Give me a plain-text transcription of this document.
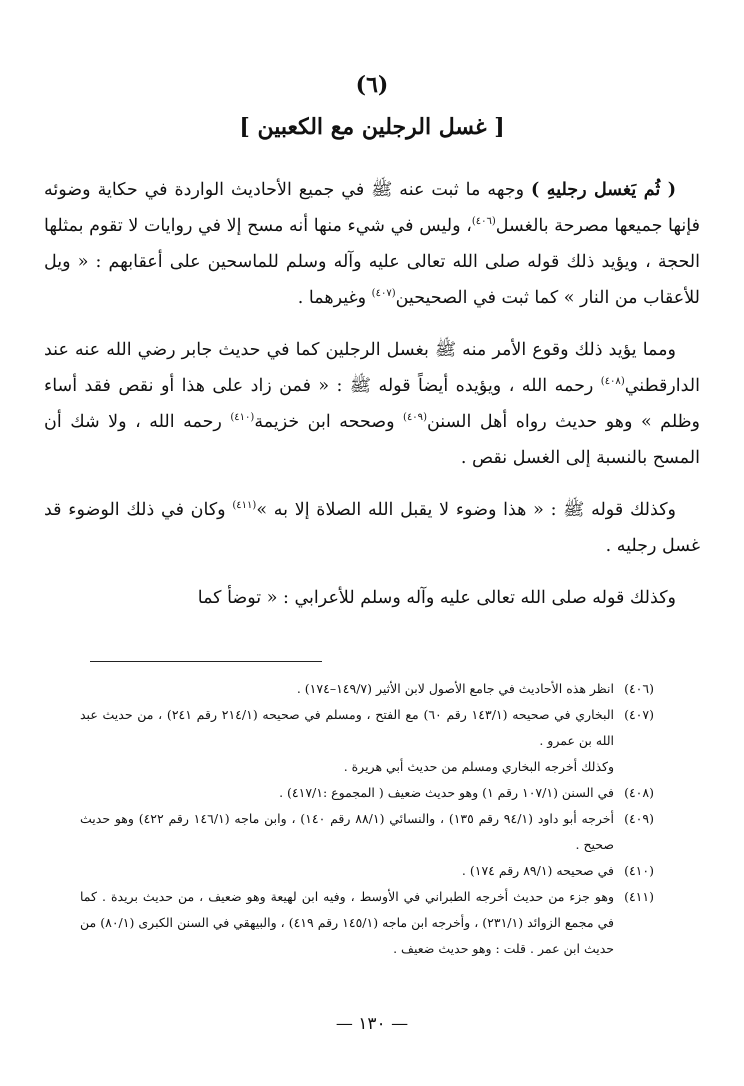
(٦)
[ غسل الرجلين مع الكعبين ]

( ثُم يَغسل رجليهِ ) وجهه ما ثبت عنه ﷺ في جميع الأحاديث الواردة في حكاية وضوئه فإنها جميعها مصرحة بالغسل$^{(٤٠٦)}$، وليس في شيء منها أنه مسح إلا في روايات لا تقوم بمثلها الحجة ، ويؤيد ذلك قوله صلى الله تعالى عليه وآله وسلم للماسحين على أعقابهم : « ويل للأعقاب من النار » كما ثبت في الصحيحين$^{(٤٠٧)}$ وغيرهما .

ومما يؤيد ذلك وقوع الأمر منه ﷺ بغسل الرجلين كما في حديث جابر رضي الله عنه عند الدارقطني$^{(٤٠٨)}$ رحمه الله ، ويؤيده أيضاً قوله ﷺ : « فمن زاد على هذا أو نقص فقد أساء وظلم » وهو حديث رواه أهل السنن$^{(٤٠٩)}$ وصححه ابن خزيمة$^{(٤١٠)}$ رحمه الله ، ولا شك أن المسح بالنسبة إلى الغسل نقص .

وكذلك قوله ﷺ : « هذا وضوء لا يقبل الله الصلاة إلا به »$^{(٤١١)}$ وكان في ذلك الوضوء قد غسل رجليه .

وكذلك قوله صلى الله تعالى عليه وآله وسلم للأعرابي : « توضأ كما

(٤٠٦)
انظر هذه الأحاديث في جامع الأصول لابن الأثير (١٤٩/٧–١٧٤) .
(٤٠٧)
البخاري في صحيحه (١٤٣/١ رقم ٦٠) مع الفتح ، ومسلم في صحيحه (٢١٤/١ رقم ٢٤١) ، من حديث عبد الله بن عمرو .
وكذلك أخرجه البخاري ومسلم من حديث أبي هريرة .
(٤٠٨)
في السنن (١٠٧/١ رقم ١) وهو حديث ضعيف ( المجموع :٤١٧/١) .
(٤٠٩)
أخرجه أبو داود (٩٤/١ رقم ١٣٥) ، والنسائي (٨٨/١ رقم ١٤٠) ، وابن ماجه (١٤٦/١ رقم ٤٢٢) وهو حديث صحيح .
(٤١٠)
في صحيحه (٨٩/١ رقم ١٧٤) .
(٤١١)
وهو جزء من حديث أخرجه الطبراني في الأوسط ، وفيه ابن لهيعة وهو ضعيف ، من حديث بريدة . كما في مجمع الزوائد (٢٣١/١) ، وأخرجه ابن ماجه (١٤٥/١ رقم ٤١٩) ، والبيهقي في السنن الكبرى (٨٠/١) من حديث ابن عمر . قلت : وهو حديث ضعيف .
— ١٣٠ —
